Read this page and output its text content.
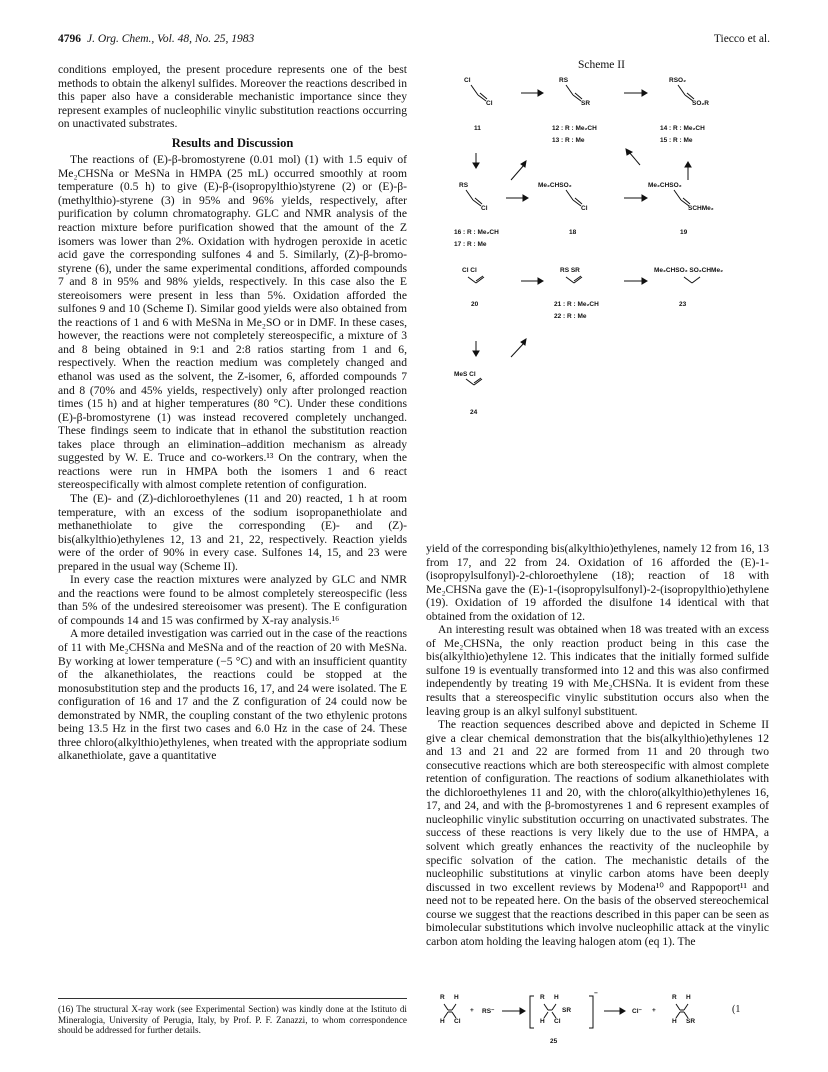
4796 J. Org. Chem., Vol. 48, No. 25, 1983	Tiecco et al.

conditions employed, the present procedure represents one of the best methods to obtain the alkenyl sulfides. Moreover the reactions described in this paper also have a considerable mechanistic importance since they represent examples of nucleophilic vinylic substitution reactions occurring on unactivated substrates.

Results and Discussion

The reactions of (E)-β-bromostyrene (0.01 mol) (1) with 1.5 equiv of Me₂CHSNa or MeSNa in HMPA (25 mL) occurred smoothly at room temperature (0.5 h) to give (E)-β-(isopropylthio)styrene (2) or (E)-β-(methylthio)-styrene (3) in 95% and 96% yields, respectively, after purification by column chromatography. GLC and NMR analysis of the reaction mixture before purification showed that the amount of the Z isomers was lower than 2%. Oxidation with hydrogen peroxide in acetic acid gave the corresponding sulfones 4 and 5. Similarly, (Z)-β-bromo-styrene (6), under the same experimental conditions, afforded compounds 7 and 8 in 95% and 98% yields, respectively. In this case also the E stereoisomers were present in less than 5%. Oxidation afforded the sulfones 9 and 10 (Scheme I). Similar good yields were also obtained from the reactions of 1 and 6 with MeSNa in Me₂SO or in DMF. In these cases, however, the reactions were not completely stereospecific, a mixture of 3 and 8 being obtained in 9:1 and 2:8 ratios starting from 1 and 6, respectively. When the reaction medium was completely changed and ethanol was used as the solvent, the Z-isomer, 6, afforded compounds 7 and 8 (70% and 45% yields, respectively) only after prolonged reaction times (15 h) and at higher temperatures (80 °C). Under these conditions (E)-β-bromostyrene (1) was instead recovered completely unchanged. These findings seem to indicate that in ethanol the substitution reaction takes place through an elimination–addition mechanism as already suggested by W. E. Truce and co-workers.¹³ On the contrary, when the reactions were run in HMPA both the isomers 1 and 6 react stereospecifically with almost complete retention of configuration.

The (E)- and (Z)-dichloroethylenes (11 and 20) reacted, 1 h at room temperature, with an excess of the sodium isopropanethiolate and methanethiolate to give the corresponding (E)- and (Z)-bis(alkylthio)ethylenes 12, 13 and 21, 22, respectively. Reaction yields were of the order of 90% in every case. Sulfones 14, 15, and 23 were prepared in the usual way (Scheme II).

In every case the reaction mixtures were analyzed by GLC and NMR and the reactions were found to be almost completely stereospecific (less than 5% of the undesired stereoisomer was present). The E configuration of compounds 14 and 15 was confirmed by X-ray analysis.¹⁶

A more detailed investigation was carried out in the case of the reactions of 11 with Me₂CHSNa and MeSNa and of the reaction of 20 with MeSNa. By working at lower temperature (−5 °C) and with an insufficient quantity of the alkanethiolates, the reactions could be stopped at the monosubstitution step and the products 16, 17, and 24 were isolated. The E configuration of 16 and 17 and the Z configuration of 24 could now be demonstrated by NMR, the coupling constant of the two ethylenic protons being 13.5 Hz in the first two cases and 6.0 Hz in the case of 24. These three chloro(alkylthio)ethylenes, when treated with the appropriate sodium alkanethiolate, gave a quantitative

(16) The structural X-ray work (see Experimental Section) was kindly done at the Istituto di Mineralogia, University of Perugia, Italy, by Prof. P. F. Zanazzi, to whom correspondence should be addressed for further details.
Scheme II
Cl
Cl
RS
SR
RSO₂
SO₂R
11	12 : R : Me₂CH
13 : R : Me
14 : R : Me₂CH
15 : R : Me
RS
Cl
Me₂CHSO₂
Cl
Me₂CHSO₂
SCHMe₂
16 : R : Me₂CH
17 : R : Me
18	19
Cl Cl	RS SR	Me₂CHSO₂ SO₂CHMe₂
20	21 : R : Me₂CH
22 : R : Me
23
MeS Cl
24

yield of the corresponding bis(alkylthio)ethylenes, namely 12 from 16, 13 from 17, and 22 from 24. Oxidation of 16 afforded the (E)-1-(isopropylsulfonyl)-2-chloroethylene (18); reaction of 18 with Me₂CHSNa gave the (E)-1-(isopropylsulfonyl)-2-(isopropylthio)ethylene (19). Oxidation of 19 afforded the disulfone 14 identical with that obtained from the oxidation of 12.

An interesting result was obtained when 18 was treated with an excess of Me₂CHSNa, the only reaction product being in this case the bis(alkylthio)ethylene 12. This indicates that the initially formed sulfide sulfone 19 is eventually transformed into 12 and this was also confirmed independently by treating 19 with Me₂CHSNa. It is evident from these results that a stereospecific vinylic substitution occurs also when the leaving group is an alkyl sulfonyl substituent.

The reaction sequences described above and depicted in Scheme II give a clear chemical demonstration that the bis(alkylthio)ethylenes 12 and 13 and 21 and 22 are formed from 11 and 20 through two consecutive reactions which are both stereospecific with almost complete retention of configuration. The reactions of sodium alkanethiolates with the dichloroethylenes 11 and 20, with the chloro(alkylthio)ethylenes 16, 17, and 24, and with the β-bromostyrenes 1 and 6 represent examples of nucleophilic vinylic substitution occurring on unactivated substrates. The success of these reactions is very likely due to the use of HMPA, a solvent which greatly enhances the reactivity of the nucleophile by specific solvation of the cation. The mechanistic details of the nucleophilic substitutions at vinylic carbon atoms have been deeply discussed in two excellent reviews by Modena¹⁰ and Rappoport¹¹ and need not to be repeated here. On the basis of the observed stereochemical course we suggest that the reactions described in this paper can be seen as bimolecular substitutions which involve nucleophilic attack at the vinylic carbon atom holding the leaving halogen atom (eq 1). The

R H
H Cl
+ RS⁻
R H
SR
H Cl
−
Cl⁻ +
R H
H SR
(1
25
